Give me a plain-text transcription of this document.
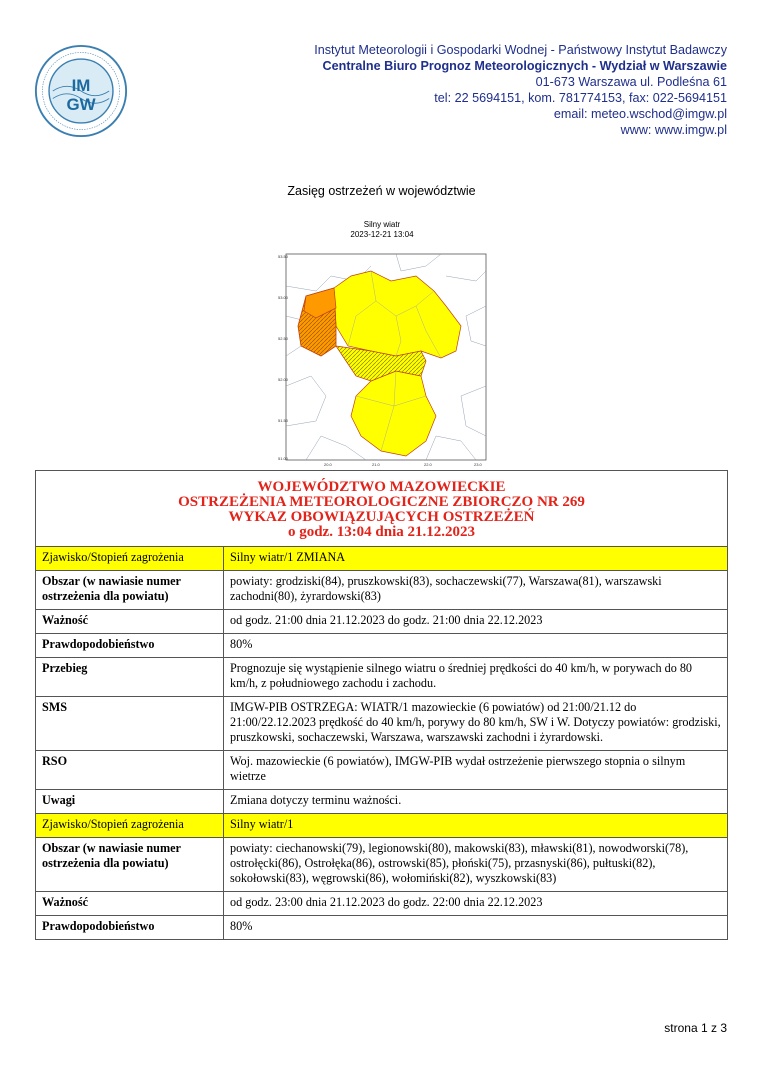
IM
GW
Instytut Meteorologii i Gospodarki Wodnej - Państwowy Instytut Badawczy
Centralne Biuro Prognoz Meteorologicznych - Wydział w Warszawie
01-673 Warszawa ul. Podleśna 61
tel: 22 5694151, kom. 781774153, fax: 022-5694151
email: meteo.wschod@imgw.pl
www: www.imgw.pl
Zasięg ostrzeżeń w województwie
Silny wiatr
2023-12-21 13:04
53.50
53.00
52.50
52.00
51.50
51.00
20.0	21.0	22.0	23.0
WOJEWÓDZTWO MAZOWIECKIE
OSTRZEŻENIA METEOROLOGICZNE ZBIORCZO NR 269
WYKAZ OBOWIĄZUJĄCYCH OSTRZEŻEŃ
o godz. 13:04 dnia 21.12.2023	

Zjawisko/Stopień zagrożenia	Silny wiatr/1 ZMIANA
Obszar (w nawiasie numer ostrzeżenia dla powiatu)	powiaty: grodziski(84), pruszkowski(83), sochaczewski(77), Warszawa(81), warszawski zachodni(80), żyrardowski(83)
Ważność	od godz. 21:00 dnia 21.12.2023 do godz. 21:00 dnia 22.12.2023
Prawdopodobieństwo	80%
Przebieg	Prognozuje się wystąpienie silnego wiatru o średniej prędkości do 40 km/h, w porywach do 80 km/h, z południowego zachodu i zachodu.
SMS	IMGW-PIB OSTRZEGA: WIATR/1 mazowieckie (6 powiatów) od 21:00/21.12 do 21:00/22.12.2023 prędkość do 40 km/h, porywy do 80 km/h, SW i W. Dotyczy powiatów: grodziski, pruszkowski, sochaczewski, Warszawa, warszawski zachodni i żyrardowski.
RSO	Woj. mazowieckie (6 powiatów), IMGW-PIB wydał ostrzeżenie pierwszego stopnia o silnym wietrze
Uwagi	Zmiana dotyczy terminu ważności.
Zjawisko/Stopień zagrożenia	Silny wiatr/1
Obszar (w nawiasie numer ostrzeżenia dla powiatu)	powiaty: ciechanowski(79), legionowski(80), makowski(83), mławski(81), nowodworski(78), ostrołęcki(86), Ostrołęka(86), ostrowski(85), płoński(75), przasnyski(86), pułtuski(82), sokołowski(83), węgrowski(86), wołomiński(82), wyszkowski(83)
Ważność	od godz. 23:00 dnia 21.12.2023 do godz. 22:00 dnia 22.12.2023
Prawdopodobieństwo	80%
strona 1 z 3
